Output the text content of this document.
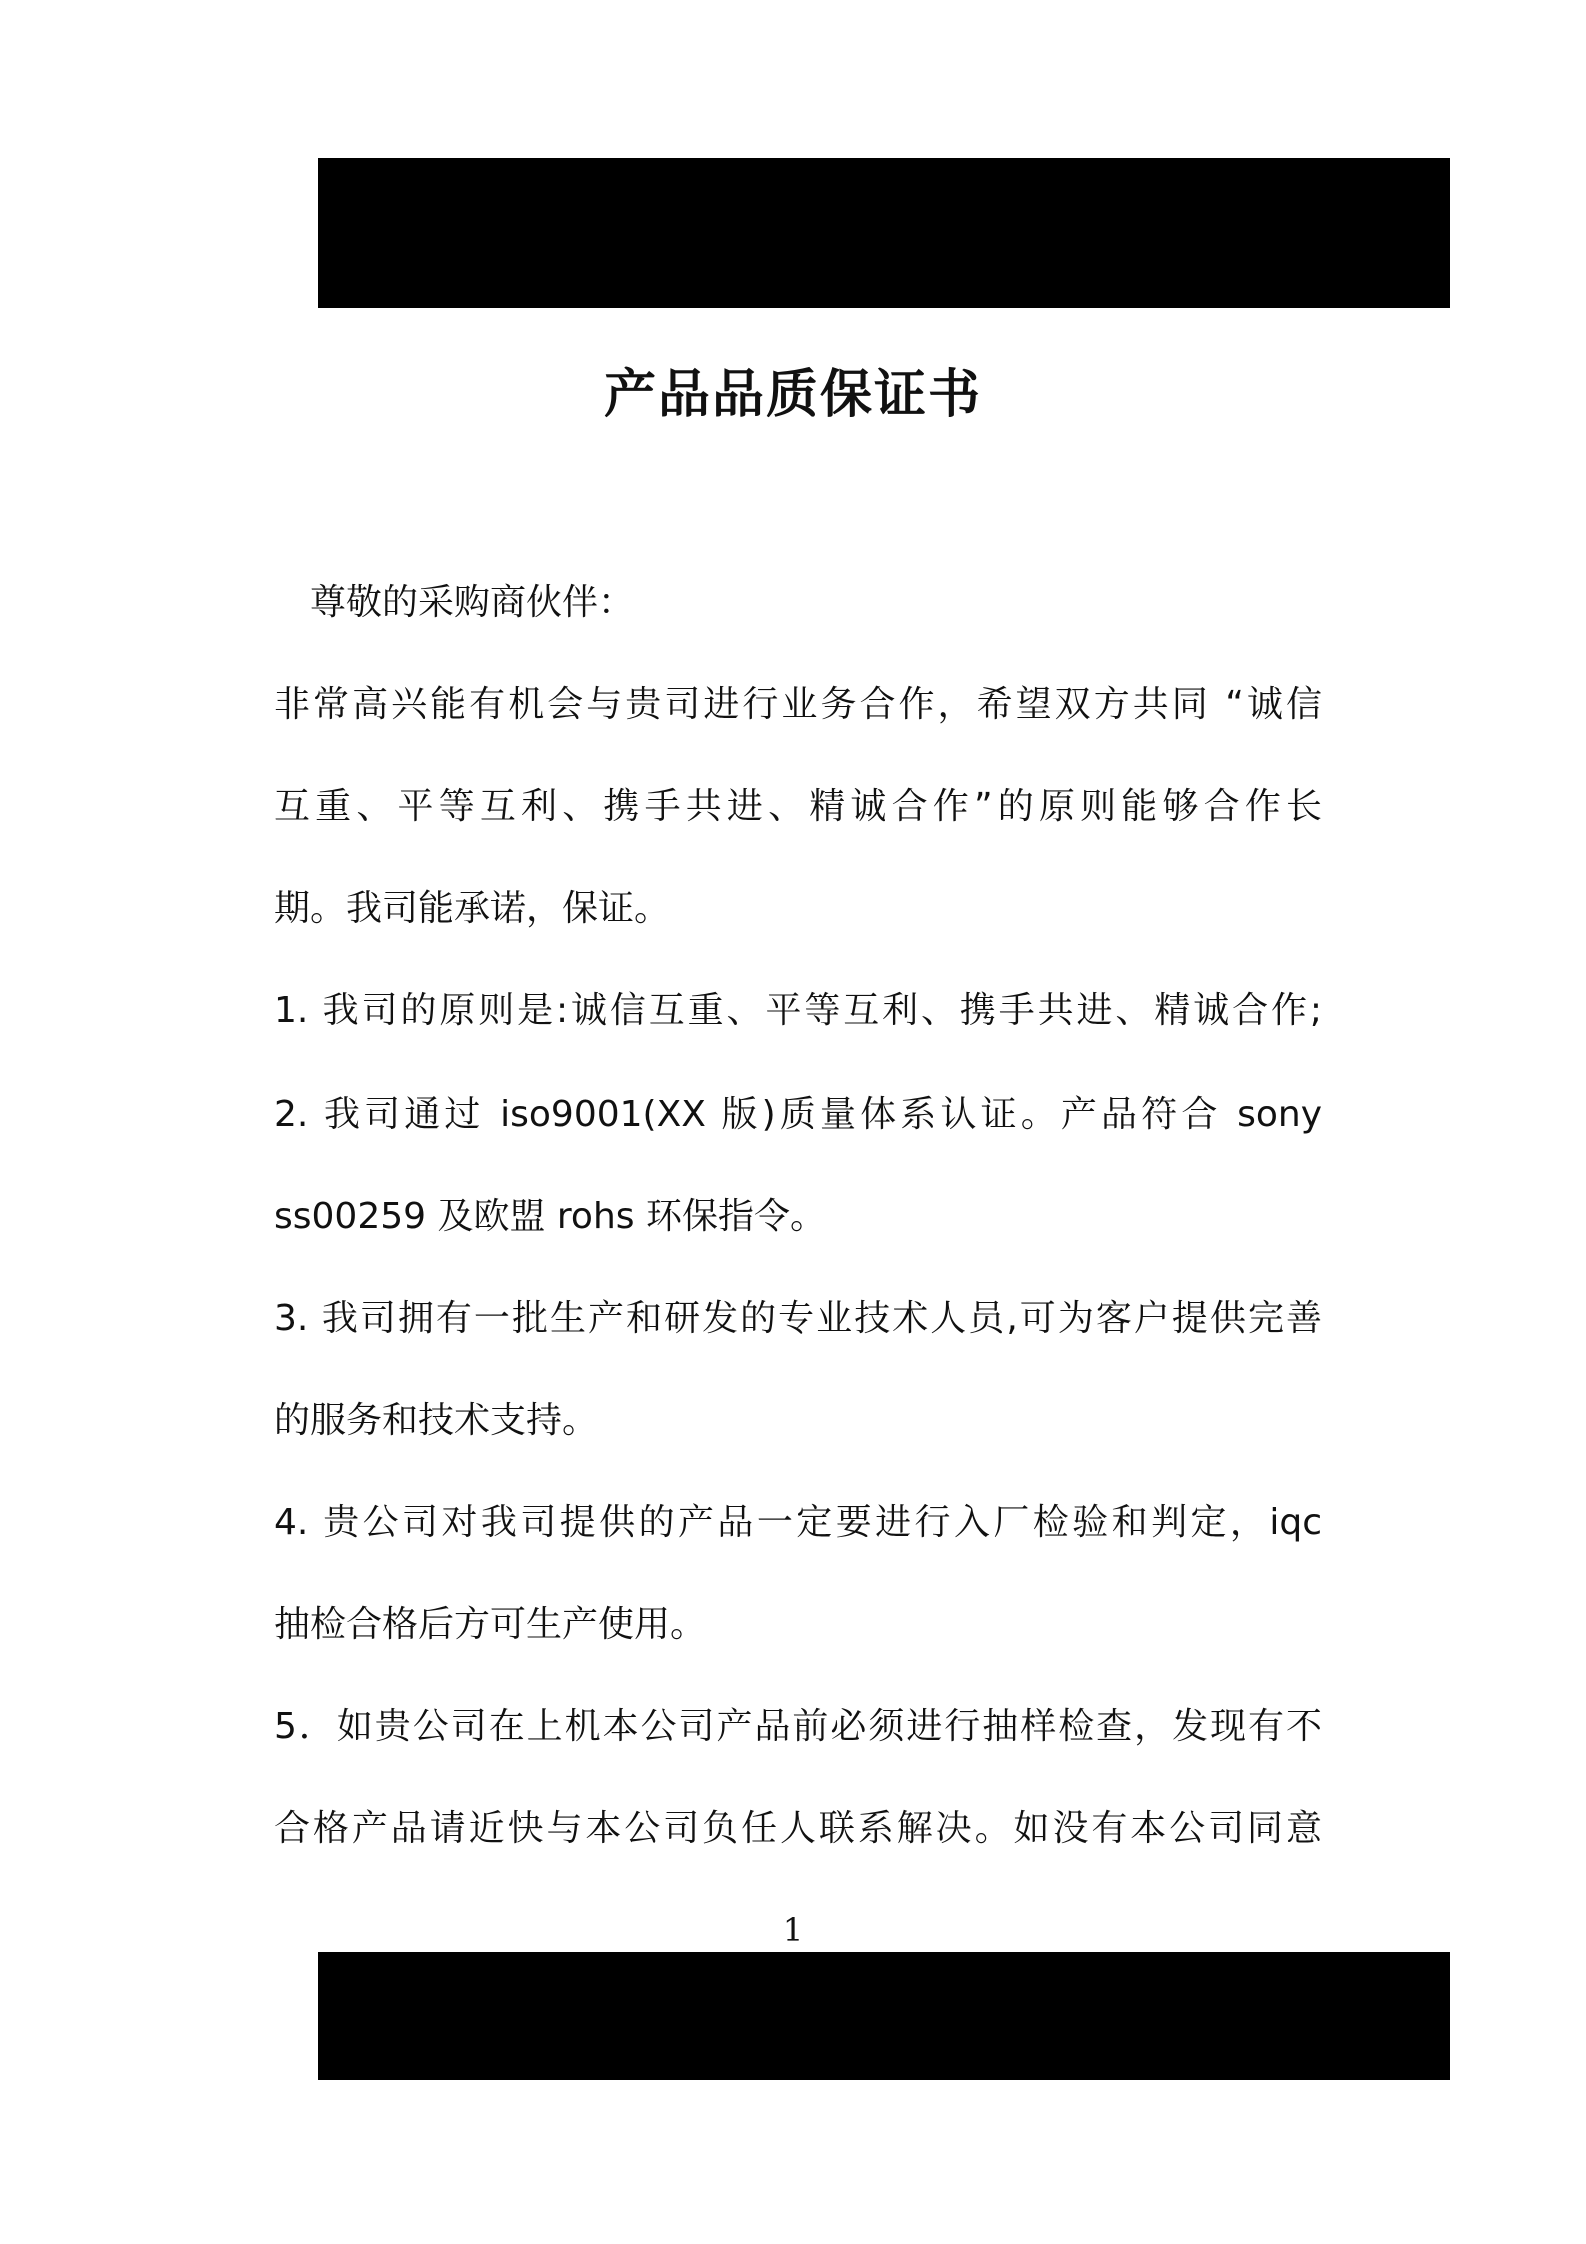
产品品质保证书
尊敬的采购商伙伴：
非常高兴能有机会与贵司进行业务合作，希望双方共同 “诚信
互重、平等互利、携手共进、精诚合作”的原则能够合作长
期。我司能承诺，保证。
1. 我司的原则是:诚信互重、平等互利、携手共进、精诚合作;
2. 我司通过 iso9001(XX 版)质量体系认证。产品符合 sony
ss00259 及欧盟 rohs 环保指令。
3. 我司拥有一批生产和研发的专业技术人员,可为客户提供完善
的服务和技术支持。
4. 贵公司对我司提供的产品一定要进行入厂检验和判定，iqc
抽检合格后方可生产使用。
5．如贵公司在上机本公司产品前必须进行抽样检查，发现有不
合格产品请近快与本公司负任人联系解决。如没有本公司同意
1
